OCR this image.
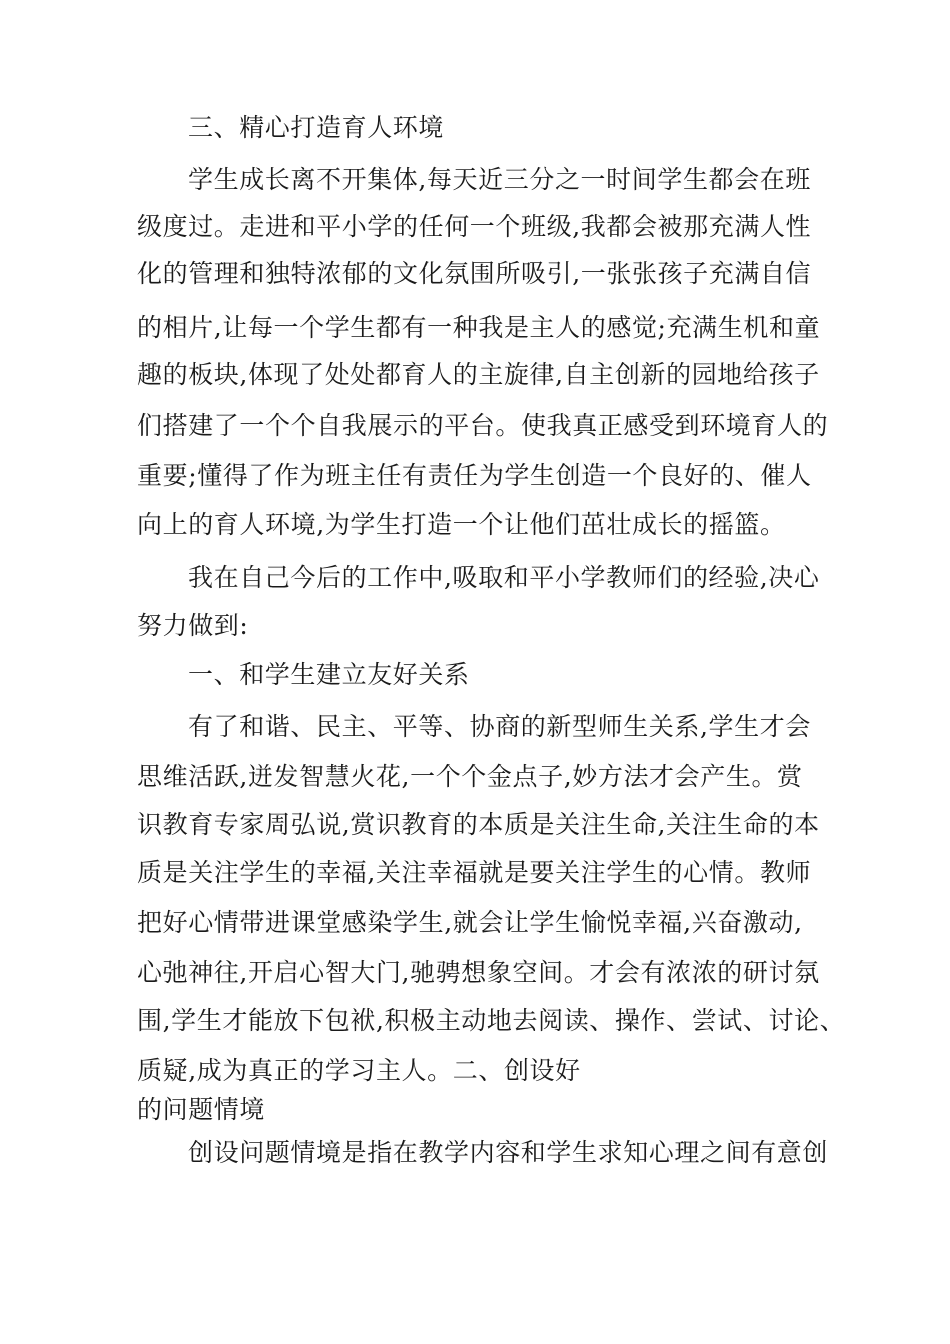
三、精心打造育人环境
学生成长离不开集体,每天近三分之一时间学生都会在班
级度过。走进和平小学的任何一个班级,我都会被那充满人性
化的管理和独特浓郁的文化氛围所吸引,一张张孩子充满自信
的相片,让每一个学生都有一种我是主人的感觉;充满生机和童
趣的板块,体现了处处都育人的主旋律,自主创新的园地给孩子
们搭建了一个个自我展示的平台。使我真正感受到环境育人的
重要;懂得了作为班主任有责任为学生创造一个良好的、催人
向上的育人环境,为学生打造一个让他们茁壮成长的摇篮。
我在自己今后的工作中,吸取和平小学教师们的经验,决心
努力做到:
一、和学生建立友好关系
有了和谐、民主、平等、协商的新型师生关系,学生才会
思维活跃,迸发智慧火花,一个个金点子,妙方法才会产生。赏
识教育专家周弘说,赏识教育的本质是关注生命,关注生命的本
质是关注学生的幸福,关注幸福就是要关注学生的心情。教师
把好心情带进课堂感染学生,就会让学生愉悦幸福,兴奋激动,
心弛神往,开启心智大门,驰骋想象空间。才会有浓浓的研讨氛
围,学生才能放下包袱,积极主动地去阅读、操作、尝试、讨论、
质疑,成为真正的学习主人。二、创设好
的问题情境
创设问题情境是指在教学内容和学生求知心理之间有意创
